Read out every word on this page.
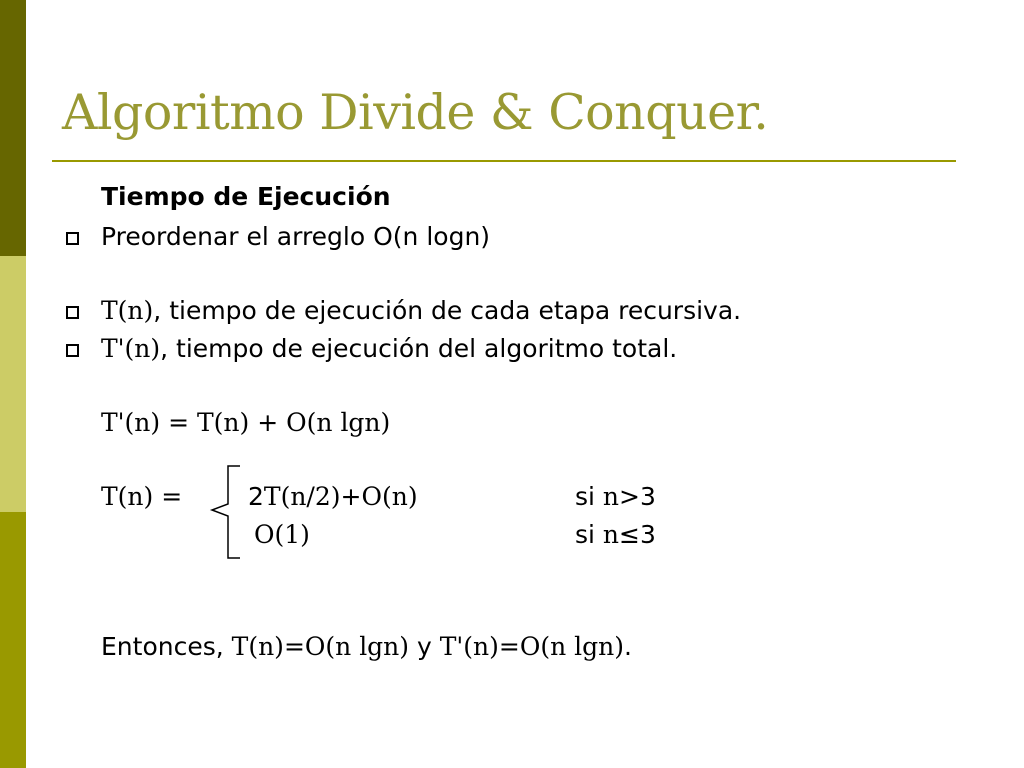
Algoritmo Divide & Conquer.
Tiempo de Ejecución
Preordenar el arreglo O(n logn)
T(n), tiempo de ejecución de cada etapa recursiva.
T'(n), tiempo de ejecución del algoritmo total.
T'(n) = T(n) + O(n lgn)
T(n) =	2T(n/2)+O(n)	si n>3
O(1)	si n≤3
Entonces, T(n)=O(n lgn) y T'(n)=O(n lgn).
